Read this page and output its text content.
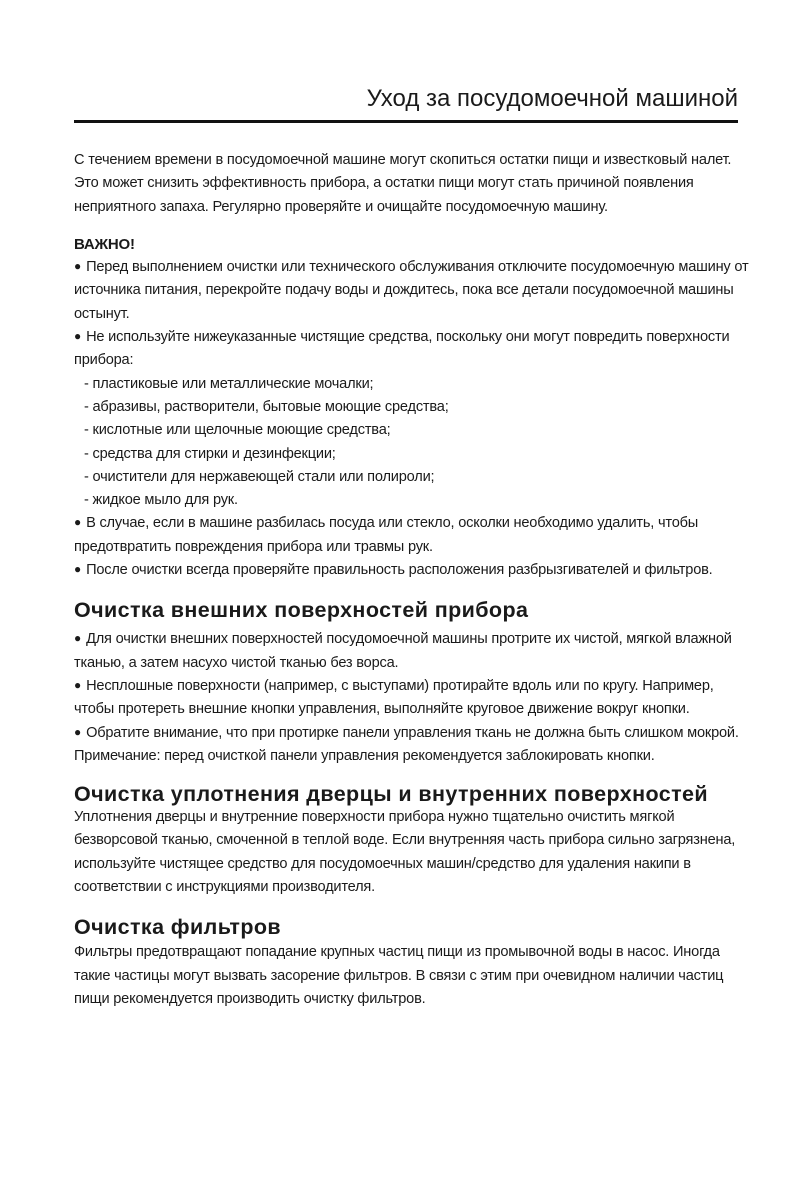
Уход за посудомоечной машиной

С течением времени в посудомоечной машине могут скопиться остатки пищи и известковый налет. Это может снизить эффективность прибора, а остатки пищи могут стать причиной появления неприятного запаха. Регулярно проверяйте и очищайте посудомоечную машину.

ВАЖНО!

● Перед выполнением очистки или технического обслуживания отключите посудомоечную машину от источника питания, перекройте подачу воды и дождитесь, пока все детали посудомоечной машины остынут.

● Не используйте нижеуказанные чистящие средства, поскольку они могут повредить поверхности прибора:

- пластиковые или металлические мочалки;

- абразивы, растворители, бытовые моющие средства;

- кислотные или щелочные моющие средства;

- средства для стирки и дезинфекции;

- очистители для нержавеющей стали или полироли;

- жидкое мыло для рук.

● В случае, если в машине разбилась посуда или стекло, осколки необходимо удалить, чтобы предотвратить повреждения прибора или травмы рук.

● После очистки всегда проверяйте правильность расположения разбрызгивателей и фильтров.

Очистка внешних поверхностей прибора

● Для очистки внешних поверхностей посудомоечной машины протрите их чистой, мягкой влажной тканью, а затем насухо чистой тканью без ворса.

● Несплошные поверхности (например, с выступами) протирайте вдоль или по кругу. Например, чтобы протереть внешние кнопки управления, выполняйте круговое движение вокруг кнопки.

● Обратите внимание, что при протирке панели управления ткань не должна быть слишком мокрой.

Примечание: перед очисткой панели управления рекомендуется заблокировать кнопки.

Очистка уплотнения дверцы и внутренних поверхностей

Уплотнения дверцы и внутренние поверхности прибора нужно тщательно очистить мягкой безворсовой тканью, смоченной в теплой воде. Если внутренняя часть прибора сильно загрязнена, используйте чистящее средство для посудомоечных машин/средство для удаления накипи в соответствии с инструкциями производителя.

Очистка фильтров

Фильтры предотвращают попадание крупных частиц пищи из промывочной воды в насос. Иногда такие частицы могут вызвать засорение фильтров. В связи с этим при очевидном наличии частиц пищи рекомендуется производить очистку фильтров.
